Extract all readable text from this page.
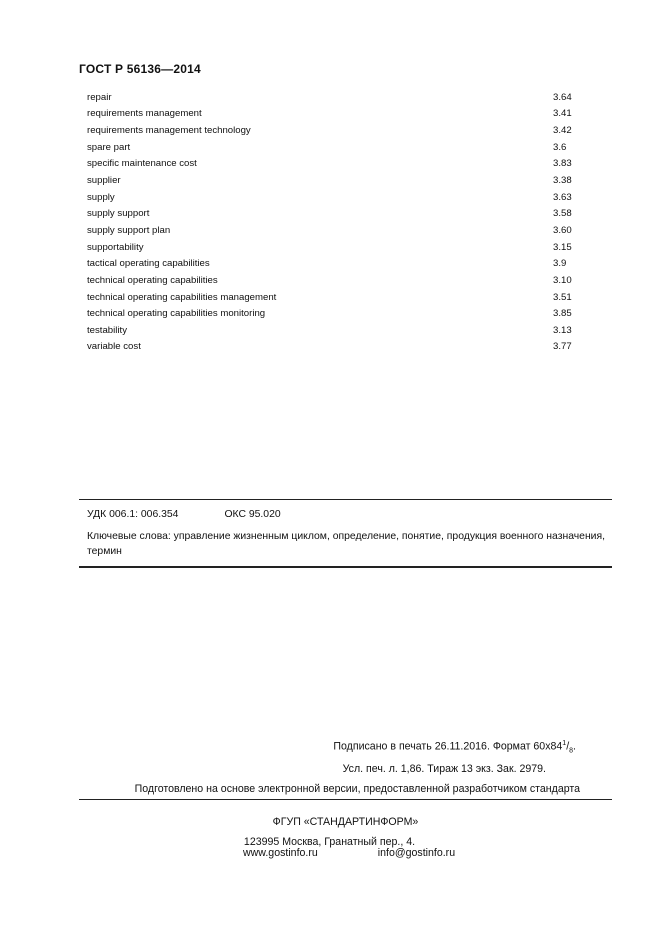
ГОСТ Р 56136—2014
repair	3.64
requirements management	3.41
requirements management technology	3.42
spare part	3.6
specific maintenance cost	3.83
supplier	3.38
supply	3.63
supply support	3.58
supply support plan	3.60
supportability	3.15
tactical operating capabilities	3.9
technical operating capabilities	3.10
technical operating capabilities management	3.51
technical operating capabilities monitoring	3.85
testability	3.13
variable cost	3.77
УДК 006.1: 006.354	ОКС 95.020
Ключевые слова: управление жизненным циклом, определение, понятие, продукция военного назначения, термин
Подписано в печать 26.11.2016. Формат $60х84^1/_8$.
Усл. печ. л. 1,86. Тираж 13 экз. Зак. 2979.
Подготовлено на основе электронной версии, предоставленной разработчиком стандарта
ФГУП «СТАНДАРТИНФОРМ»
123995 Москва, Гранатный пер., 4.
www.gostinfo.ru	info@gostinfo.ru
